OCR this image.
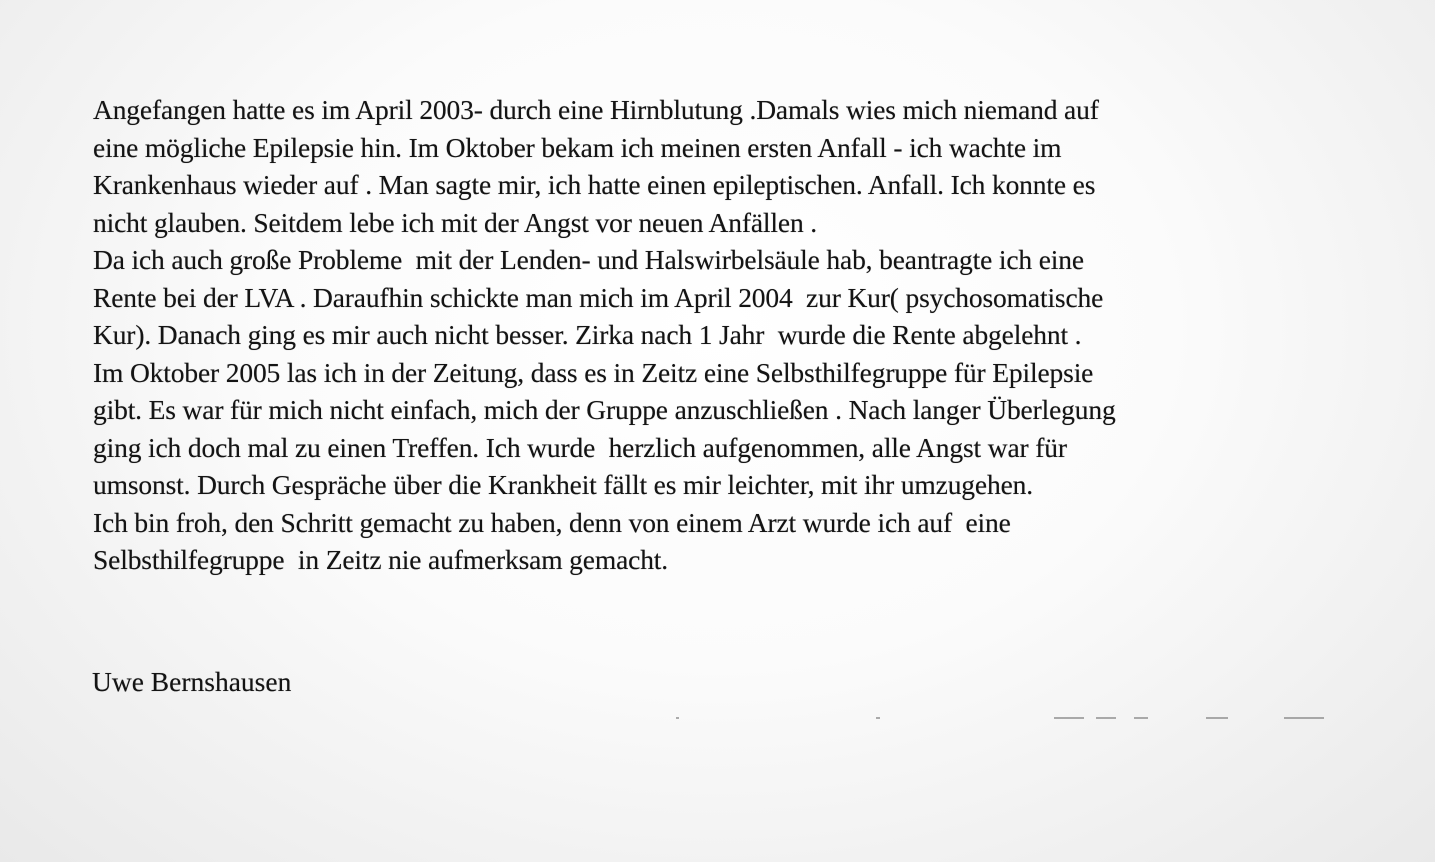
Angefangen hatte es im April 2003- durch eine Hirnblutung .Damals wies mich niemand auf
eine mögliche Epilepsie hin. Im Oktober bekam ich meinen ersten Anfall - ich wachte im
Krankenhaus wieder auf . Man sagte mir, ich hatte einen epileptischen. Anfall. Ich konnte es
nicht glauben. Seitdem lebe ich mit der Angst vor neuen Anfällen .
Da ich auch große Probleme  mit der Lenden- und Halswirbelsäule hab, beantragte ich eine
Rente bei der LVA . Daraufhin schickte man mich im April 2004  zur Kur( psychosomatische
Kur). Danach ging es mir auch nicht besser. Zirka nach 1 Jahr  wurde die Rente abgelehnt .
Im Oktober 2005 las ich in der Zeitung, dass es in Zeitz eine Selbsthilfegruppe für Epilepsie
gibt. Es war für mich nicht einfach, mich der Gruppe anzuschließen . Nach langer Überlegung
ging ich doch mal zu einen Treffen. Ich wurde  herzlich aufgenommen, alle Angst war für
umsonst. Durch Gespräche über die Krankheit fällt es mir leichter, mit ihr umzugehen.
Ich bin froh, den Schritt gemacht zu haben, denn von einem Arzt wurde ich auf  eine
Selbsthilfegruppe  in Zeitz nie aufmerksam gemacht.
Uwe Bernshausen
